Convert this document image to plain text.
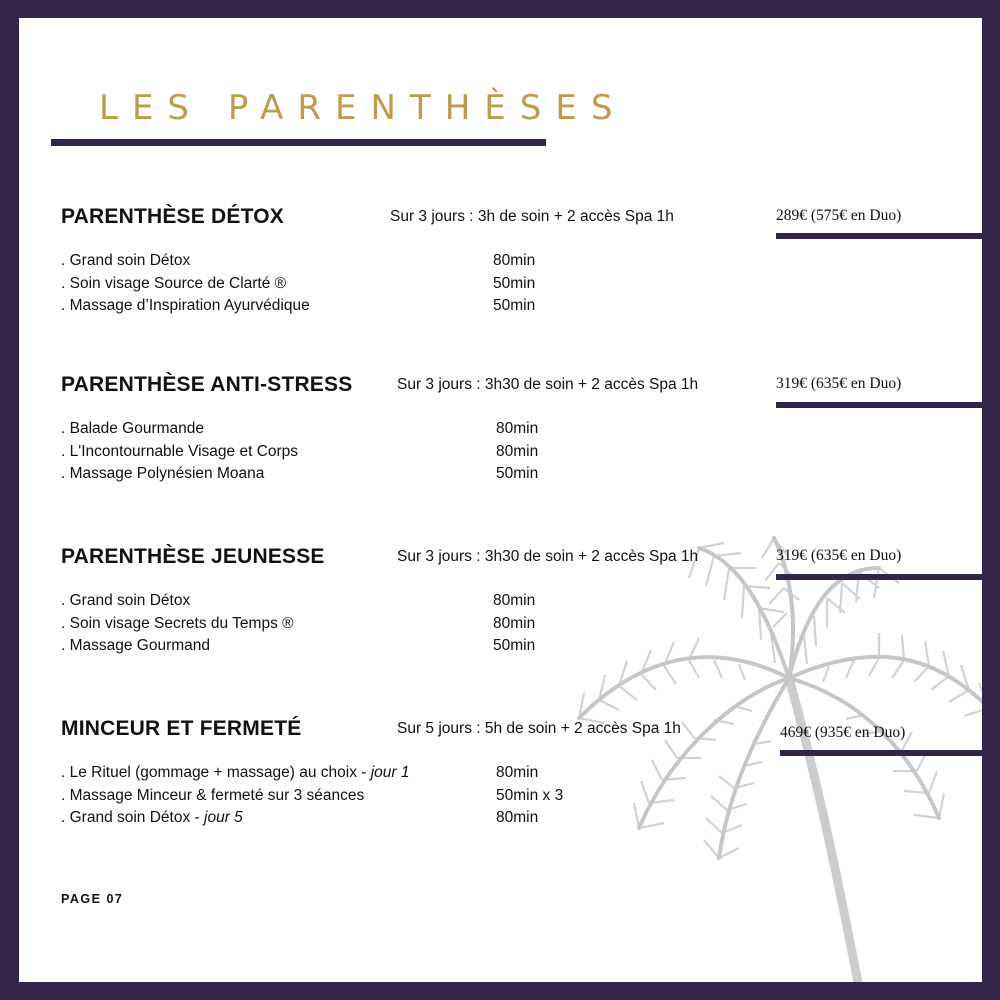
LES PARENTHÈSES
PARENTHÈSE DÉTOX	Sur 3 jours : 3h de soin + 2 accès Spa 1h	289€ (575€ en Duo)
. Grand soin Détox	80min
. Soin visage Source de Clarté ®	50min
. Massage d’Inspiration Ayurvédique	50min
PARENTHÈSE ANTI-STRESS	Sur 3 jours : 3h30 de soin + 2 accès Spa 1h	319€ (635€ en Duo)
. Balade Gourmande	80min
. L'Incontournable Visage et Corps	80min
. Massage Polynésien Moana	50min
PARENTHÈSE JEUNESSE	Sur 3 jours : 3h30 de soin + 2 accès Spa 1h	319€ (635€ en Duo)
. Grand soin Détox	80min
. Soin visage Secrets du Temps ®	80min
. Massage Gourmand	50min
MINCEUR ET FERMETÉ	Sur 5 jours : 5h de soin + 2 accès Spa 1h	469€ (935€ en Duo)
. Le Rituel (gommage + massage) au choix - jour 1	80min
. Massage Minceur & fermeté sur 3 séances	50min x 3
. Grand soin Détox - jour 5	80min
PAGE 07
